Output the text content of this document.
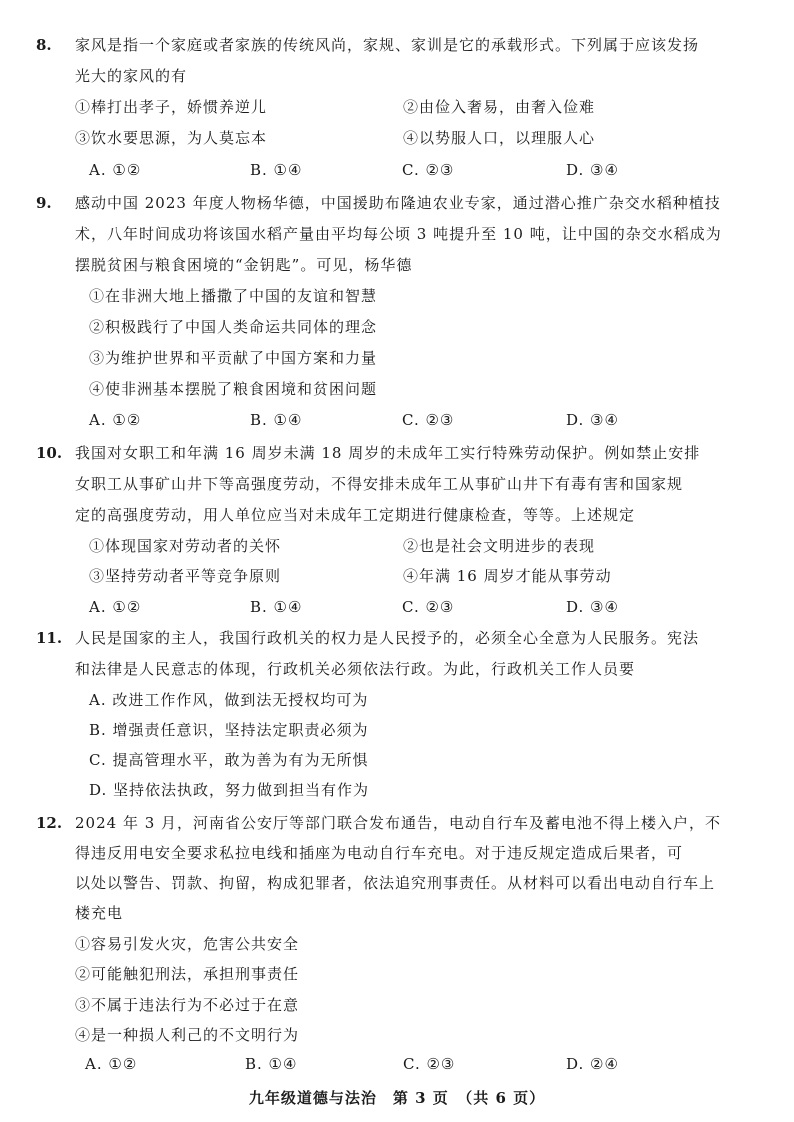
8. 家风是指一个家庭或者家族的传统风尚，家规、家训是它的承载形式。下列属于应该发扬
光大的家风的有
①棒打出孝子，娇惯养逆儿	②由俭入奢易，由奢入俭难
③饮水要思源，为人莫忘本	④以势服人口，以理服人心
A. ①②	B. ①④	C. ②③	D. ③④
9. 感动中国 2023 年度人物杨华德，中国援助布隆迪农业专家，通过潜心推广杂交水稻种植技
术，八年时间成功将该国水稻产量由平均每公顷 3 吨提升至 10 吨，让中国的杂交水稻成为
摆脱贫困与粮食困境的“金钥匙”。可见，杨华德
①在非洲大地上播撒了中国的友谊和智慧
②积极践行了中国人类命运共同体的理念
③为维护世界和平贡献了中国方案和力量
④使非洲基本摆脱了粮食困境和贫困问题
A. ①②	B. ①④	C. ②③	D. ③④
10. 我国对女职工和年满 16 周岁未满 18 周岁的未成年工实行特殊劳动保护。例如禁止安排
女职工从事矿山井下等高强度劳动，不得安排未成年工从事矿山井下有毒有害和国家规
定的高强度劳动，用人单位应当对未成年工定期进行健康检查，等等。上述规定
①体现国家对劳动者的关怀	②也是社会文明进步的表现
③坚持劳动者平等竞争原则	④年满 16 周岁才能从事劳动
A. ①②	B. ①④	C. ②③	D. ③④
11. 人民是国家的主人，我国行政机关的权力是人民授予的，必须全心全意为人民服务。宪法
和法律是人民意志的体现，行政机关必须依法行政。为此，行政机关工作人员要
A. 改进工作作风，做到法无授权均可为
B. 增强责任意识，坚持法定职责必须为
C. 提高管理水平，敢为善为有为无所惧
D. 坚持依法执政，努力做到担当有作为
12. 2024 年 3 月，河南省公安厅等部门联合发布通告，电动自行车及蓄电池不得上楼入户，不
得违反用电安全要求私拉电线和插座为电动自行车充电。对于违反规定造成后果者，可
以处以警告、罚款、拘留，构成犯罪者，依法追究刑事责任。从材料可以看出电动自行车上
楼充电
①容易引发火灾，危害公共安全
②可能触犯刑法，承担刑事责任
③不属于违法行为不必过于在意
④是一种损人利己的不文明行为
A. ①②	B. ①④	C. ②③	D. ②④
九年级道德与法治　第 3 页　（共 6 页）
